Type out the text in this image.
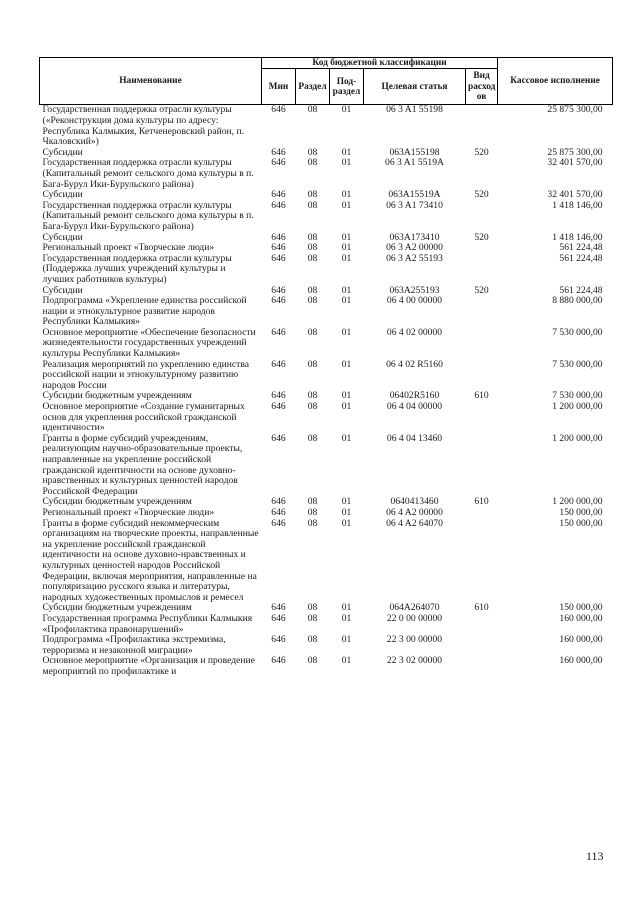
Наименование	Код бюджетной классификации					Кассовое исполнение
	Мин	Раздел	Под-раздел	Целевая статья	Вид расход ов	
Государственная поддержка отрасли культуры («Реконструкция дома культуры по адресу: Республика Калмыкия, Кетченеровский район, п. Чкаловский»)	646	08	01	06 3 A1 55198		25 875 300,00
Субсидии	646	08	01	063A155198	520	25 875 300,00
Государственная поддержка отрасли культуры (Капитальный ремонт сельского дома культуры в п. Бага-Бурул Ики-Бурульского района)	646	08	01	06 3 A1 5519A		32 401 570,00
Субсидии	646	08	01	063A15519A	520	32 401 570,00
Государственная поддержка отрасли культуры (Капитальный ремонт сельского дома культуры в п. Бага-Бурул Ики-Бурульского района)	646	08	01	06 3 A1 73410		1 418 146,00
Субсидии	646	08	01	063A173410	520	1 418 146,00
Региональный проект «Творческие люди»	646	08	01	06 3 A2 00000		561 224,48
Государственная поддержка отрасли культуры (Поддержка лучших учреждений культуры и лучших работников культуры)	646	08	01	06 3 A2 55193		561 224,48
Субсидии	646	08	01	063A255193	520	561 224,48
Подпрограмма «Укрепление единства российской нации и этнокультурное развитие народов Республики Калмыкия»	646	08	01	06 4 00 00000		8 880 000,00
Основное мероприятие «Обеспечение безопасности жизнедеятельности государственных учреждений культуры Республики Калмыкия»	646	08	01	06 4 02 00000		7 530 000,00
Реализация мероприятий по укреплению единства российской нации и этнокультурному развитию народов России	646	08	01	06 4 02 R5160		7 530 000,00
Субсидии бюджетным учреждениям	646	08	01	06402R5160	610	7 530 000,00
Основное мероприятие «Создание гуманитарных основ для укрепления российской гражданской идентичности»	646	08	01	06 4 04 00000		1 200 000,00
Гранты в форме субсидий учреждениям, реализующим научно-образовательные проекты, направленные на укрепление российской гражданской идентичности на основе духовно-нравственных и культурных ценностей народов Российской Федерации	646	08	01	06 4 04 13460		1 200 000,00
Субсидии бюджетным учреждениям	646	08	01	0640413460	610	1 200 000,00
Региональный проект «Творческие люди»	646	08	01	06 4 A2 00000		150 000,00
Гранты в форме субсидий некоммерческим организациям на творческие проекты, направленные на укрепление российской гражданской идентичности на основе духовно-нравственных и культурных ценностей народов Российской Федерации, включая мероприятия, направленные на популяризацию русского языка и литературы, народных художественных промыслов и ремесел	646	08	01	06 4 A2 64070		150 000,00
Субсидии бюджетным учреждениям	646	08	01	064A264070	610	150 000,00
Государственная программа Республики Калмыкия «Профилактика правонарушений»	646	08	01	22 0 00 00000		160 000,00
Подпрограмма «Профилактика экстремизма, терроризма и незаконной миграции»	646	08	01	22 3 00 00000		160 000,00
Основное мероприятие «Организация и проведение мероприятий по профилактике и	646	08	01	22 3 02 00000		160 000,00
113
